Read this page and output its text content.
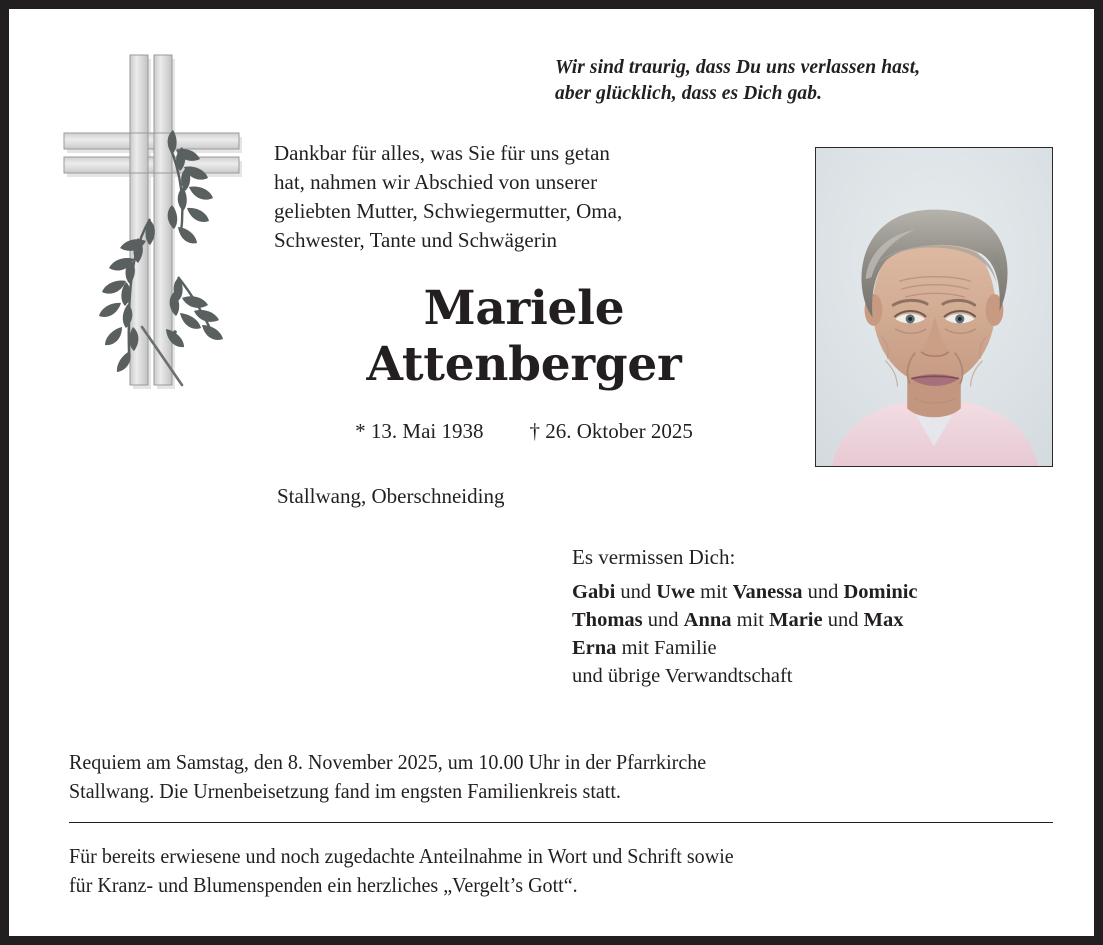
Wir sind traurig, dass Du uns verlassen hast,
aber glücklich, dass es Dich gab.
Dankbar für alles, was Sie für uns getan
hat, nahmen wir Abschied von unserer
geliebten Mutter, Schwiegermutter, Oma,
Schwester, Tante und Schwägerin
Mariele
Attenberger
* 13. Mai 1938 † 26. Oktober 2025
Stallwang, Oberschneiding
Es vermissen Dich:
Gabi und Uwe mit Vanessa und Dominic
Thomas und Anna mit Marie und Max
Erna mit Familie
und übrige Verwandtschaft
Requiem am Samstag, den 8. November 2025, um 10.00 Uhr in der Pfarrkirche
Stallwang. Die Urnenbeisetzung fand im engsten Familienkreis statt.
Für bereits erwiesene und noch zugedachte Anteilnahme in Wort und Schrift sowie
für Kranz- und Blumenspenden ein herzliches „Vergelt’s Gott“.
